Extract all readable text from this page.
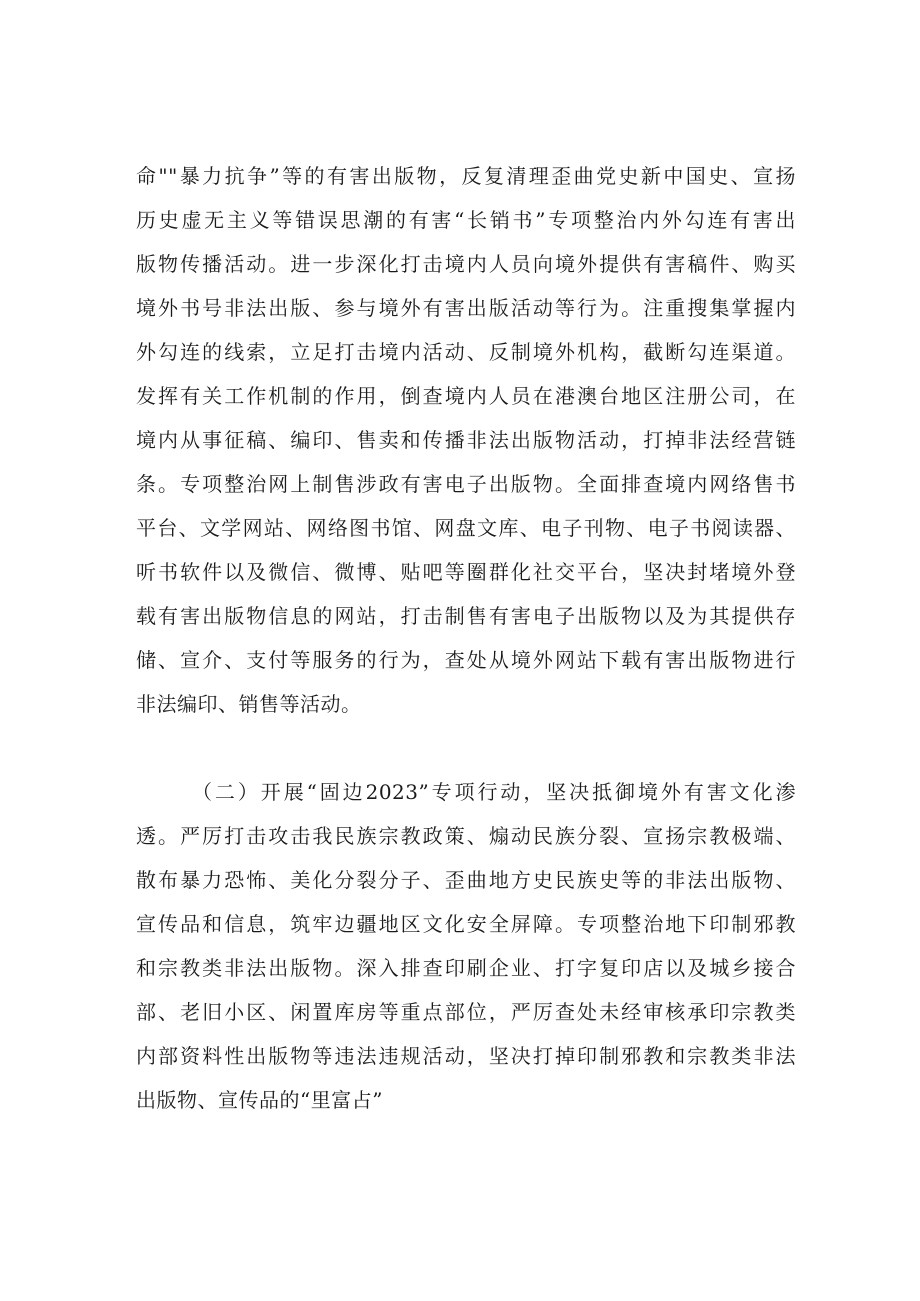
命""暴力抗争”等的有害出版物，反复清理歪曲党史新中国史、宣扬
历史虚无主义等错误思潮的有害“长销书”专项整治内外勾连有害出
版物传播活动。进一步深化打击境内人员向境外提供有害稿件、购买
境外书号非法出版、参与境外有害出版活动等行为。注重搜集掌握内
外勾连的线索，立足打击境内活动、反制境外机构，截断勾连渠道。
发挥有关工作机制的作用，倒查境内人员在港澳台地区注册公司，在
境内从事征稿、编印、售卖和传播非法出版物活动，打掉非法经营链
条。专项整治网上制售涉政有害电子出版物。全面排查境内网络售书
平台、文学网站、网络图书馆、网盘文库、电子刊物、电子书阅读器、
听书软件以及微信、微博、贴吧等圈群化社交平台，坚决封堵境外登
载有害出版物信息的网站，打击制售有害电子出版物以及为其提供存
储、宣介、支付等服务的行为，查处从境外网站下载有害出版物进行
非法编印、销售等活动。
（二）开展“固边2023”专项行动，坚决抵御境外有害文化渗
透。严厉打击攻击我民族宗教政策、煽动民族分裂、宣扬宗教极端、
散布暴力恐怖、美化分裂分子、歪曲地方史民族史等的非法出版物、
宣传品和信息，筑牢边疆地区文化安全屏障。专项整治地下印制邪教
和宗教类非法出版物。深入排查印刷企业、打字复印店以及城乡接合
部、老旧小区、闲置库房等重点部位，严厉查处未经审核承印宗教类
内部资料性出版物等违法违规活动，坚决打掉印制邪教和宗教类非法
出版物、宣传品的“里富占”
